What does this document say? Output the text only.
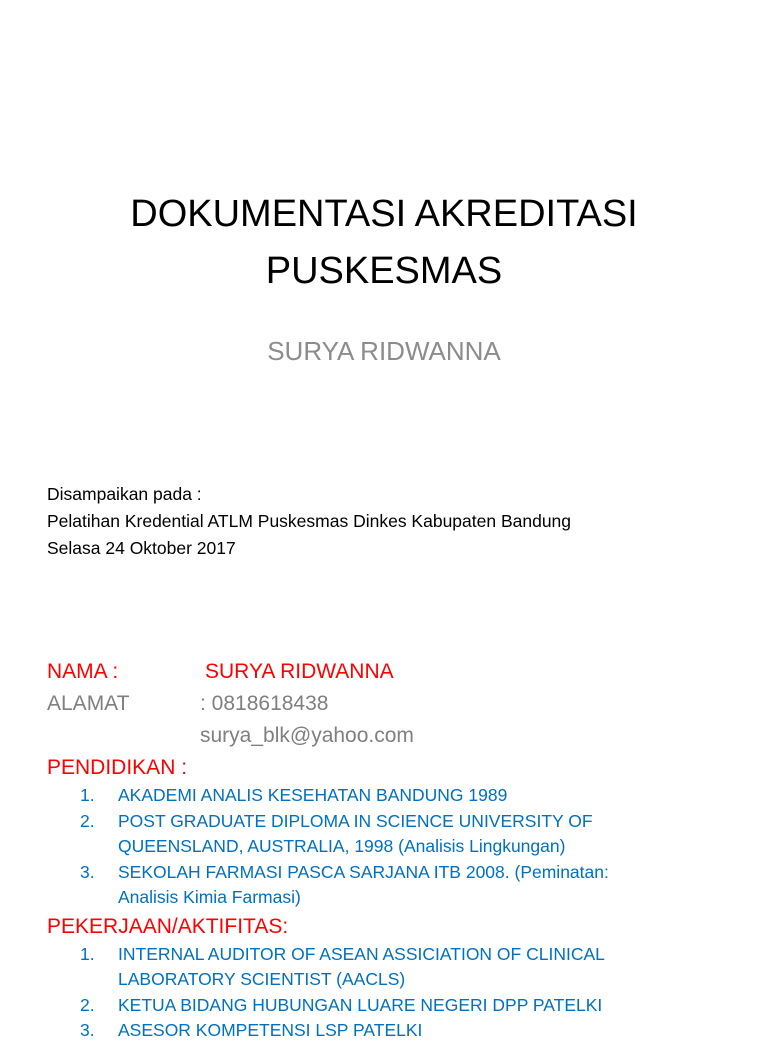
DOKUMENTASI AKREDITASI
PUSKESMAS
SURYA RIDWANNA
Disampaikan pada :
Pelatihan Kredential ATLM Puskesmas Dinkes Kabupaten Bandung
Selasa 24 Oktober 2017
NAMA :	SURYA RIDWANNA
ALAMAT	: 0818618438
surya_blk@yahoo.com
PENDIDIKAN :
1. AKADEMI ANALIS KESEHATAN BANDUNG 1989
2. POST GRADUATE DIPLOMA IN SCIENCE UNIVERSITY OF QUEENSLAND, AUSTRALIA, 1998 (Analisis Lingkungan)
3. SEKOLAH FARMASI PASCA SARJANA ITB 2008. (Peminatan: Analisis Kimia Farmasi)
PEKERJAAN/AKTIFITAS:
1. INTERNAL AUDITOR OF ASEAN ASSICIATION OF CLINICAL LABORATORY SCIENTIST (AACLS)
2. KETUA BIDANG HUBUNGAN LUARE NEGERI DPP PATELKI
3. ASESOR KOMPETENSI LSP PATELKI
